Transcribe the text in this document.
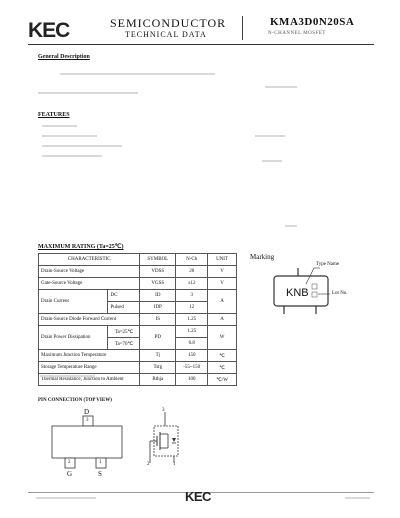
KEC	SEMICONDUCTOR
TECHNICAL DATA
KMA3D0N20SA
N-CHANNEL MOSFET
General Description
FEATURES
MAXIMUM RATING (Ta=25℃)
CHARACTERISTIC		SYMBOL	N-Ch	UNIT
Drain-Source Voltage		VDSS	20	V
Gate-Source Voltage		VGSS	±12	V
Drain Current	DC	ID	3	A
	Pulsed	IDP	12	
Drain-Source Diode Forward Current		IS	1.25	A
Drain Power Dissipation	Ta=25℃	PD	1.25	W
	Ta=70℃		0.8	
Maximum Junction Temperature		Tj	150	℃
Storage Temperature Range		Tstg	-55~150	℃
Thermal Resistance, Junction to Ambient		Rthja	100	℃/W
Marking
Type Name
KNB	Lot No.
PIN CONNECTION (TOP VIEW)
D
3
2	1
G	S
3
2	1
KEC
